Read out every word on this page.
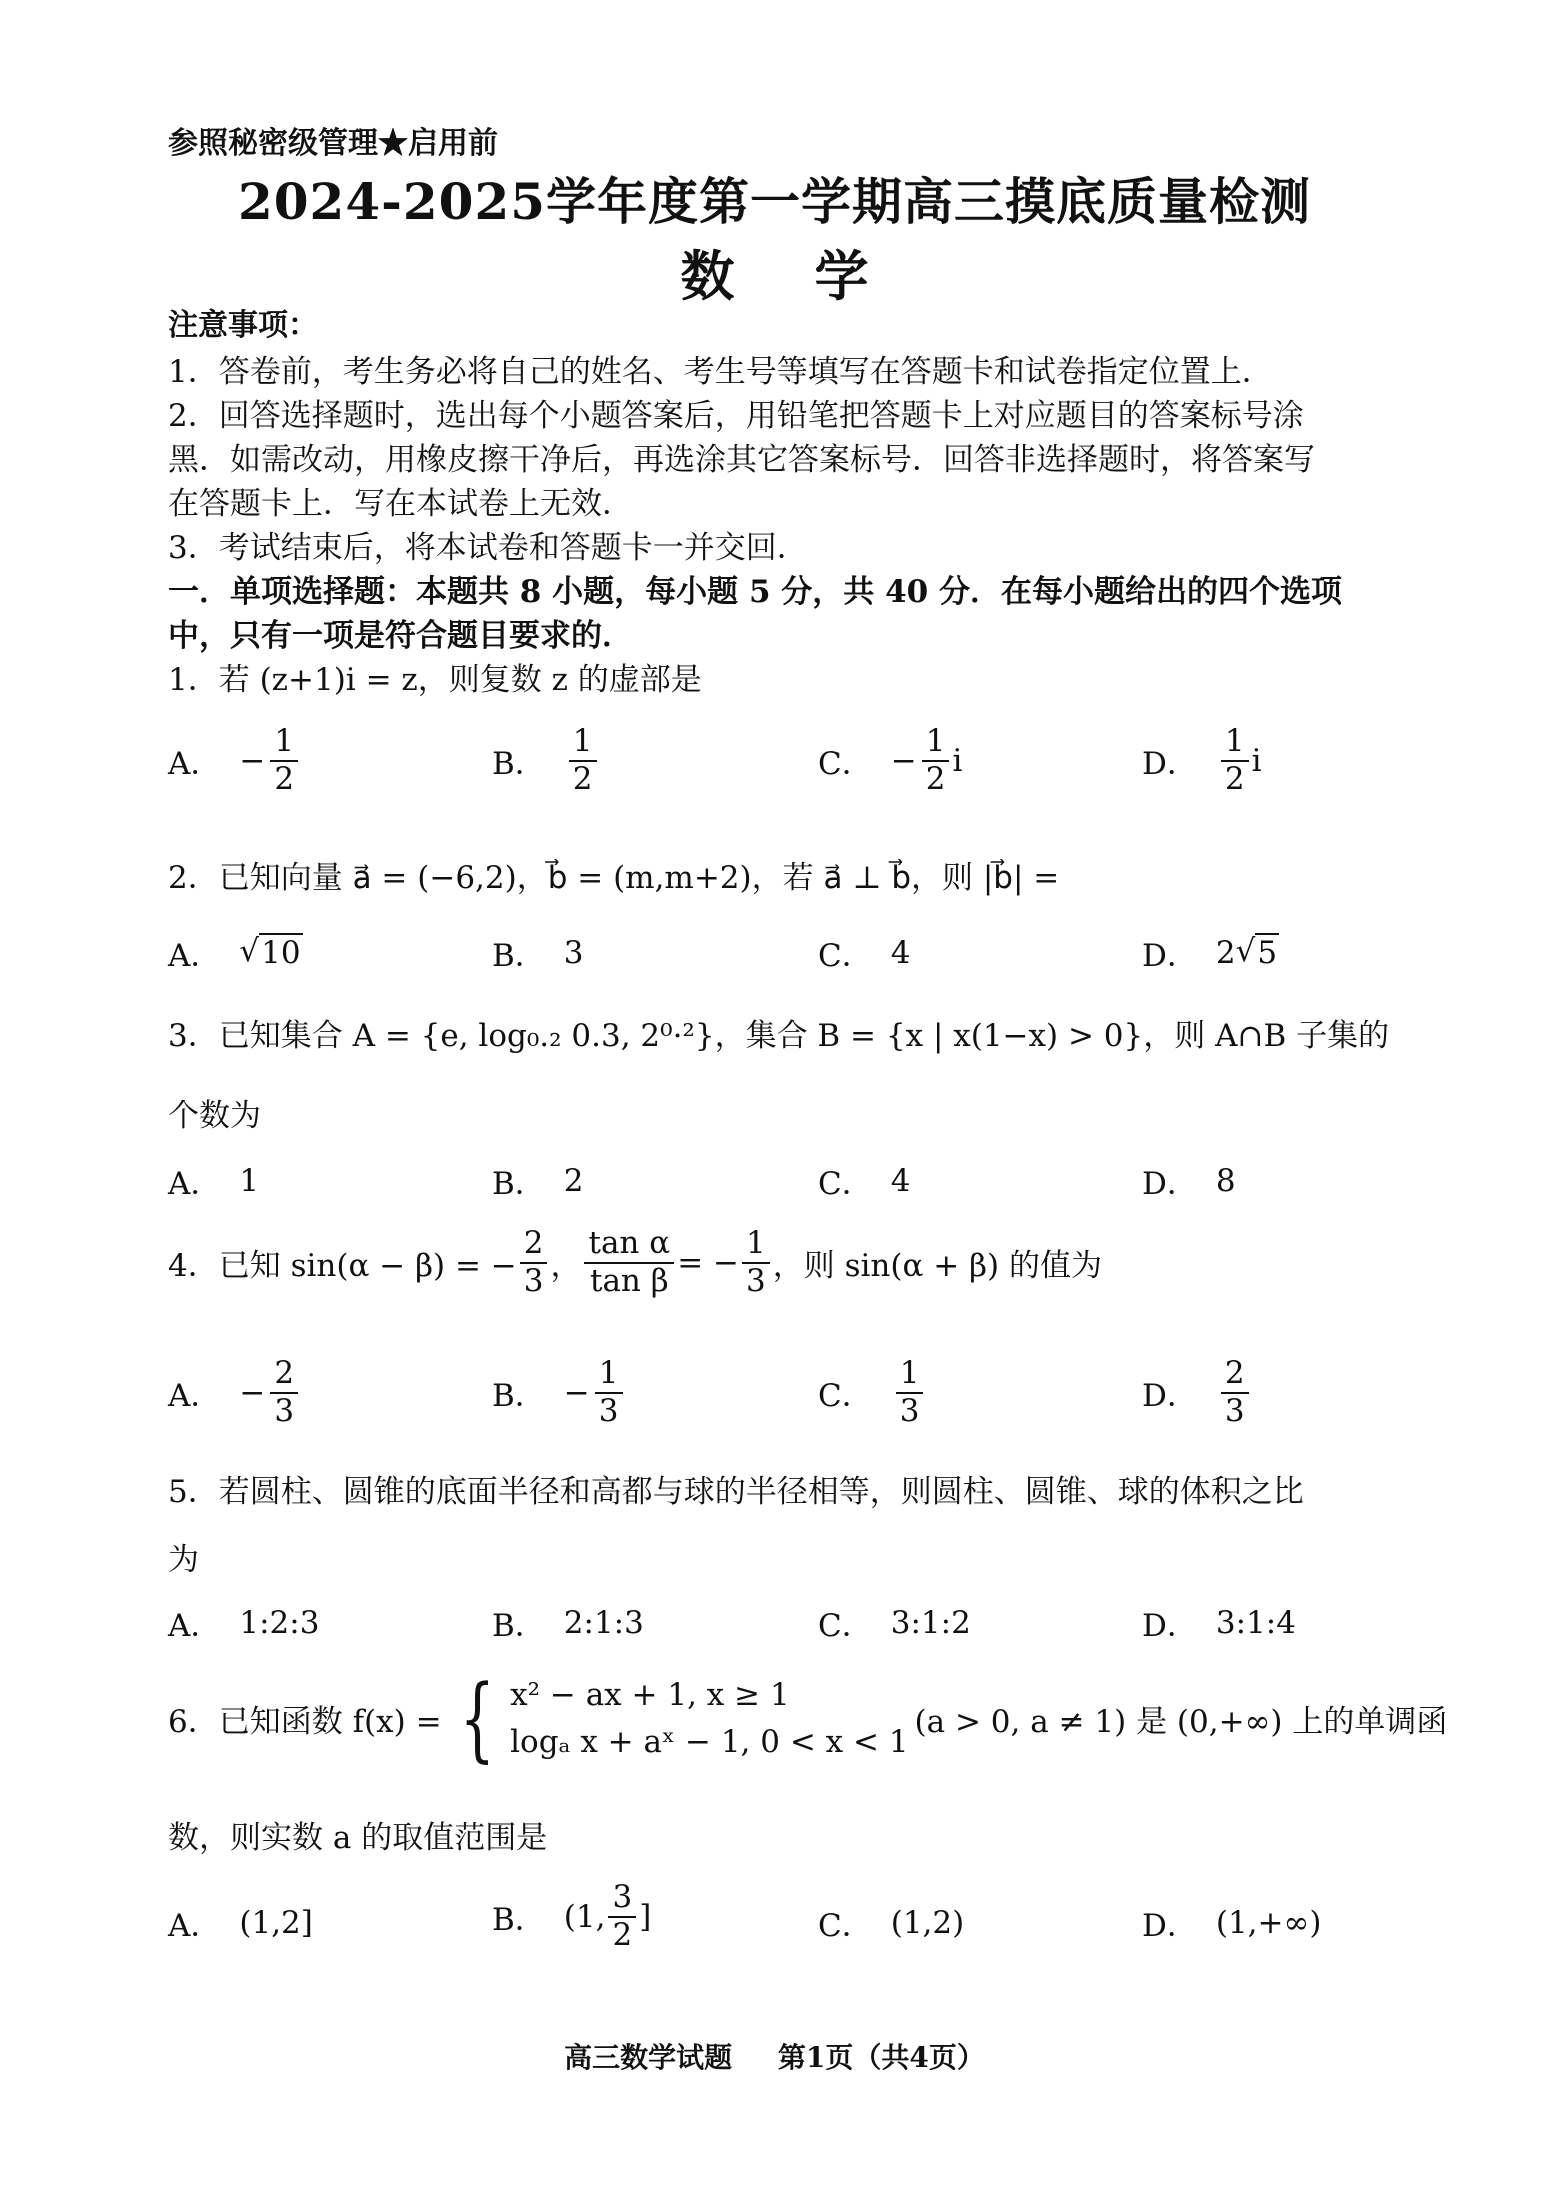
参照秘密级管理★启用前
2024-2025学年度第一学期高三摸底质量检测
数学
注意事项：
1．答卷前，考生务必将自己的姓名、考生号等填写在答题卡和试卷指定位置上．
2．回答选择题时，选出每个小题答案后，用铅笔把答题卡上对应题目的答案标号涂
黑．如需改动，用橡皮擦干净后，再选涂其它答案标号．回答非选择题时，将答案写
在答题卡上．写在本试卷上无效．
3．考试结束后，将本试卷和答题卡一并交回．
一．单项选择题：本题共 8 小题，每小题 5 分，共 40 分．在每小题给出的四个选项
中，只有一项是符合题目要求的．
1．若 (z+1)i = z，则复数 z 的虚部是
A． − $\frac{1}{2}$	B． $\frac{1}{2}$	C． − $\frac{1}{2}$ i	D． $\frac{1}{2}$ i
2．已知向量 a⃗ = (−6,2)，b⃗ = (m,m+2)，若 a⃗ ⊥ b⃗，则 |b⃗| =
A． √ 10	B． 3	C． 4	D． 2 √ 5
3．已知集合 A = {e, log₀.₂ 0.3, 2⁰·²}，集合 B = {x | x(1−x) > 0}，则 A∩B 子集的
个数为
A． 1	B． 2	C． 4	D． 8
4．已知 sin(α − β) = − $\frac{2}{3}$ ， $\frac{\text{tan α}}{\text{tan β}}$ = − $\frac{1}{3}$ ，则 sin(α + β) 的值为
A． − $\frac{2}{3}$	B． − $\frac{1}{3}$	C． $\frac{1}{3}$	D． $\frac{2}{3}$
5．若圆柱、圆锥的底面半径和高都与球的半径相等，则圆柱、圆锥、球的体积之比
为
A． 1:2:3	B． 2:1:3	C． 3:1:2	D． 3:1:4
6．已知函数 f(x) = { x² − ax + 1, x ≥ 1
logₐ x + aˣ − 1, 0 < x < 1
(a > 0, a ≠ 1) 是 (0,+∞) 上的单调函
数，则实数 a 的取值范围是
A． (1,2]	B． (1, $\frac{3}{2}$ ]	C． (1,2)	D． (1,+∞)
高三数学试题 第1页（共4页）
